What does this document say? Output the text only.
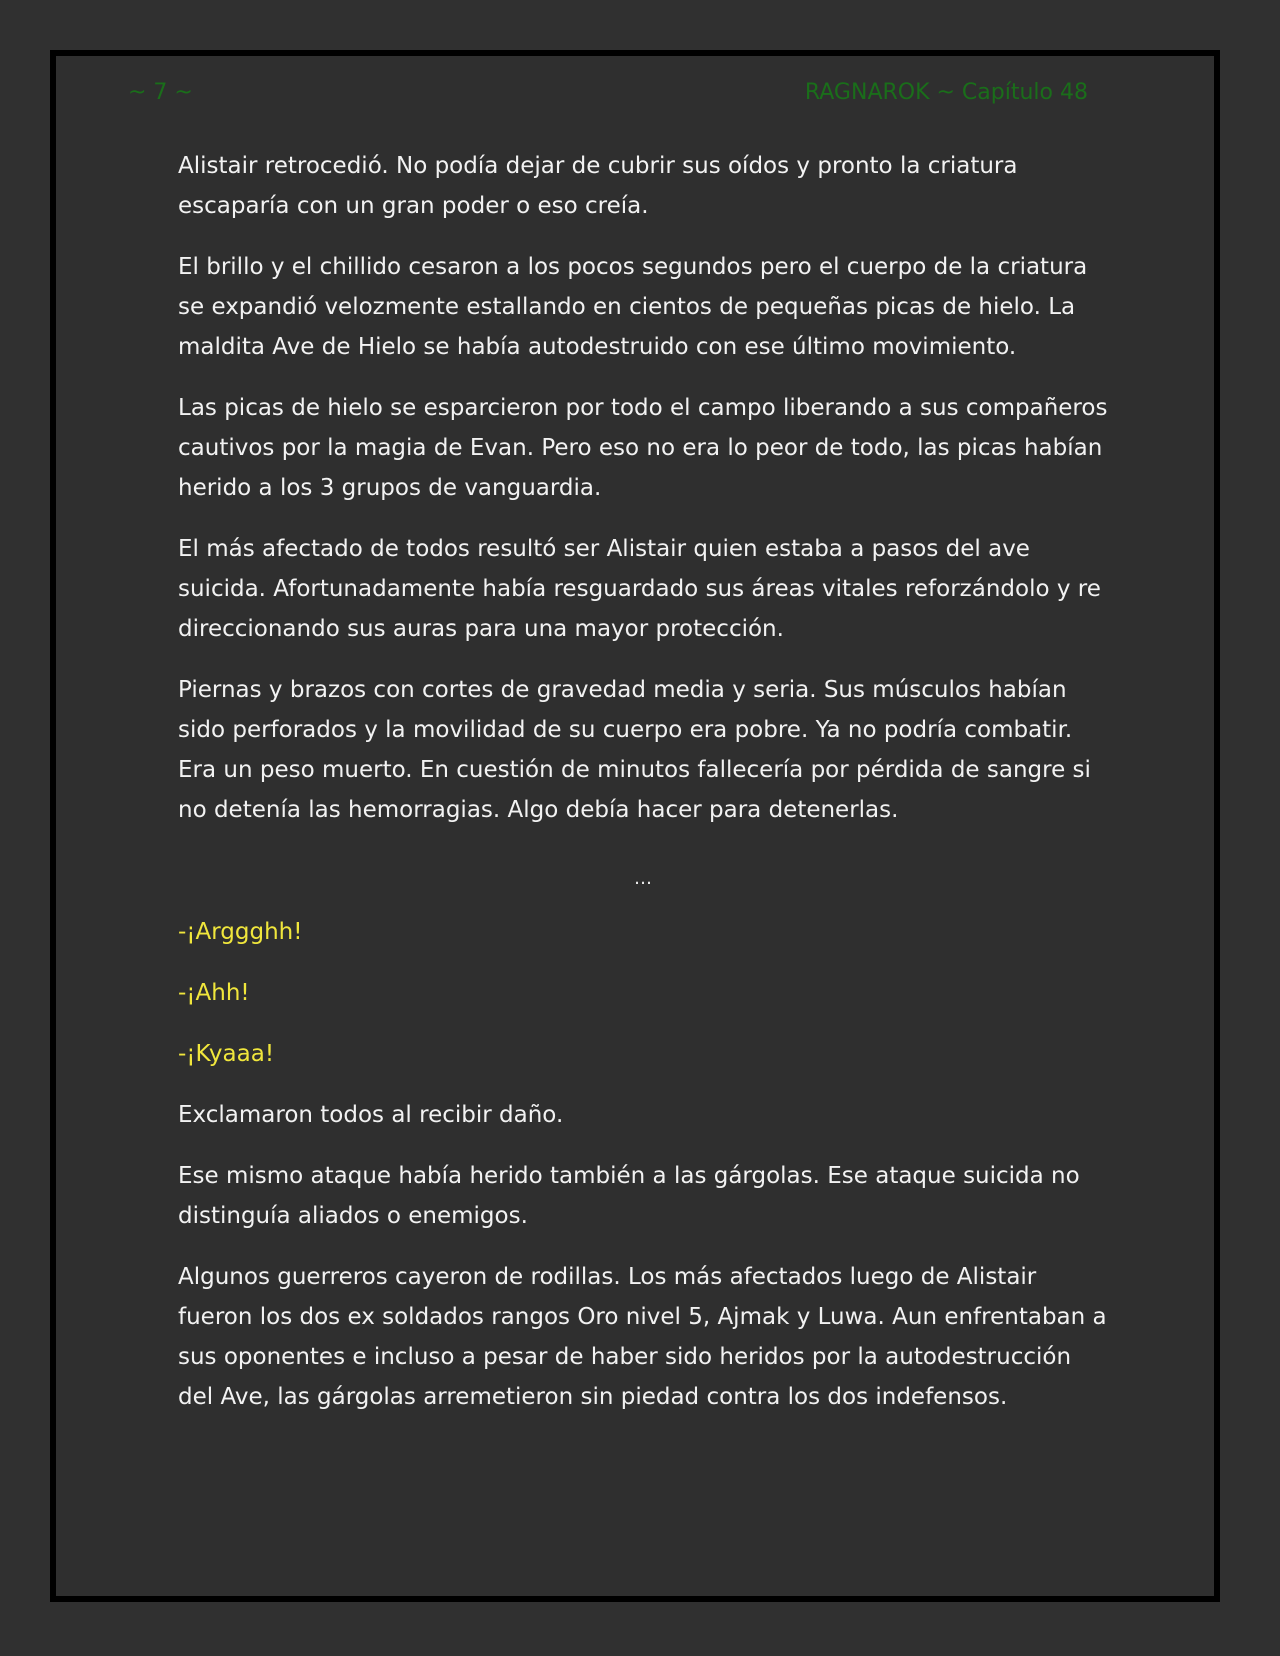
~ 7 ~	RAGNAROK ~ Capítulo 48

Alistair retrocedió. No podía dejar de cubrir sus oídos y pronto la criatura escaparía con un gran poder o eso creía.

El brillo y el chillido cesaron a los pocos segundos pero el cuerpo de la criatura se expandió velozmente estallando en cientos de pequeñas picas de hielo. La maldita Ave de Hielo se había autodestruido con ese último movimiento.

Las picas de hielo se esparcieron por todo el campo liberando a sus compañeros cautivos por la magia de Evan. Pero eso no era lo peor de todo, las picas habían herido a los 3 grupos de vanguardia.

El más afectado de todos resultó ser Alistair quien estaba a pasos del ave suicida. Afortunadamente había resguardado sus áreas vitales reforzándolo y re direccionando sus auras para una mayor protección.

Piernas y brazos con cortes de gravedad media y seria. Sus músculos habían sido perforados y la movilidad de su cuerpo era pobre. Ya no podría combatir. Era un peso muerto. En cuestión de minutos fallecería por pérdida de sangre si no detenía las hemorragias. Algo debía hacer para detenerlas.

…

-¡Arggghh!

-¡Ahh!

-¡Kyaaa!

Exclamaron todos al recibir daño.

Ese mismo ataque había herido también a las gárgolas. Ese ataque suicida no distinguía aliados o enemigos.

Algunos guerreros cayeron de rodillas. Los más afectados luego de Alistair fueron los dos ex soldados rangos Oro nivel 5, Ajmak y Luwa. Aun enfrentaban a sus oponentes e incluso a pesar de haber sido heridos por la autodestrucción del Ave, las gárgolas arremetieron sin piedad contra los dos indefensos.
